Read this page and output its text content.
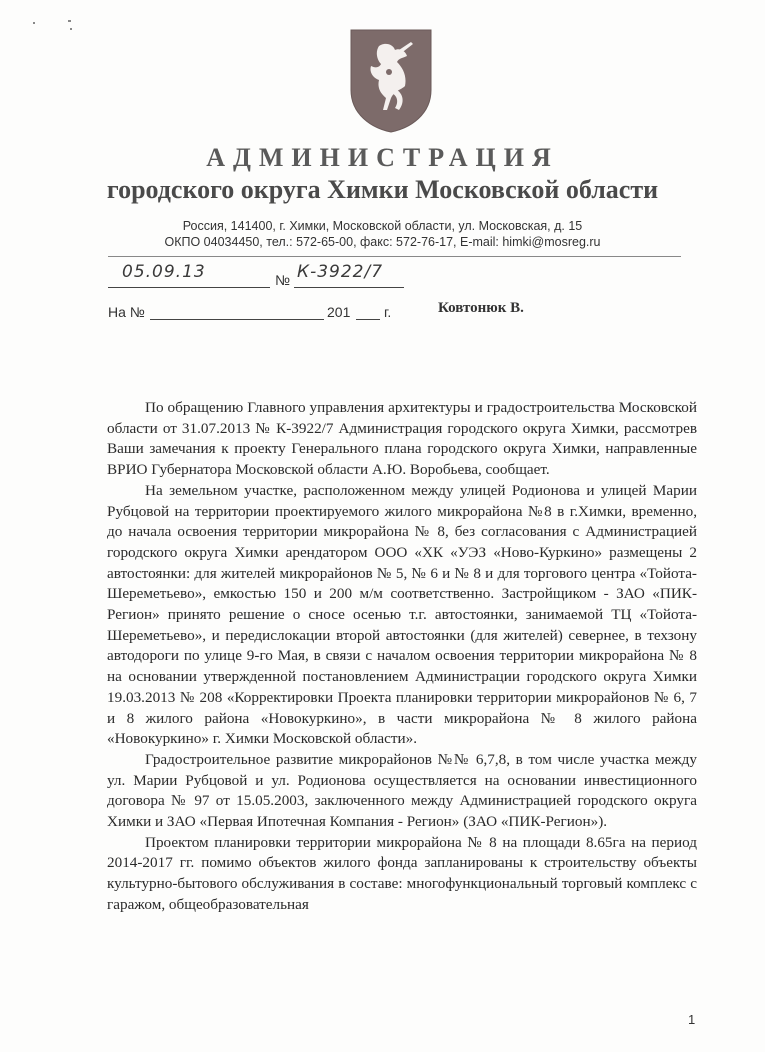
АДМИНИСТРАЦИЯ
городского округа Химки Московской области
Россия, 141400, г. Химки, Московской области, ул. Московская, д. 15
ОКПО 04034450, тел.: 572-65-00, факс: 572-76-17, E-mail: himki@mosreg.ru
05.09.13	№ К-3922/7
На №	201 г.	Ковтонюк В.

По обращению Главного управления архитектуры и градостроительства Московской области от 31.07.2013 № К-3922/7 Администрация городского округа Химки, рассмотрев Ваши замечания к проекту Генерального плана городского округа Химки, направленные ВРИО Губернатора Московской области А.Ю. Воробьева, сообщает.

На земельном участке, расположенном между улицей Родионова и улицей Марии Рубцовой на территории проектируемого жилого микрорайона №8 в г.Химки, временно, до начала освоения территории микрорайона № 8, без согласования с Администрацией городского округа Химки арендатором ООО «ХК «УЭЗ «Ново-Куркино» размещены 2 автостоянки: для жителей микрорайонов № 5, № 6 и № 8 и для торгового центра «Тойота-Шереметьево», емкостью 150 и 200 м/м соответственно. Застройщиком - ЗАО «ПИК-Регион» принято решение о сносе осенью т.г. автостоянки, занимаемой ТЦ «Тойота-Шереметьево», и передислокации второй автостоянки (для жителей) севернее, в техзону автодороги по улице 9-го Мая, в связи с началом освоения территории микрорайона № 8 на основании утвержденной постановлением Администрации городского округа Химки 19.03.2013 № 208 «Корректировки Проекта планировки территории микрорайонов № 6, 7 и 8 жилого района «Новокуркино», в части микрорайона № 8 жилого района «Новокуркино» г. Химки Московской области».

Градостроительное развитие микрорайонов №№ 6,7,8, в том числе участка между ул. Марии Рубцовой и ул. Родионова осуществляется на основании инвестиционного договора № 97 от 15.05.2003, заключенного между Администрацией городского округа Химки и ЗАО «Первая Ипотечная Компания - Регион» (ЗАО «ПИК-Регион»).

Проектом планировки территории микрорайона № 8 на площади 8.65га на период 2014-2017 гг. помимо объектов жилого фонда запланированы к строительству объекты культурно-бытового обслуживания в составе: многофункциональный торговый комплекс с гаражом, общеобразовательная

1
